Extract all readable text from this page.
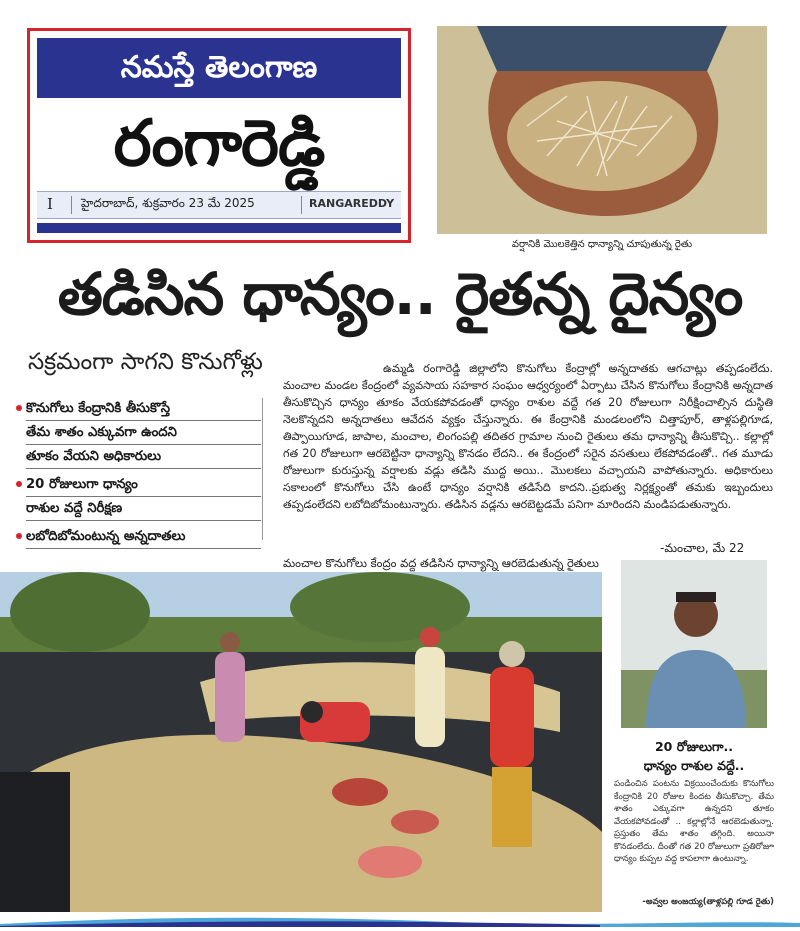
నమస్తే తెలంగాణ
రంగారెడ్డి
I హైదరాబాద్, శుక్రవారం 23 మే 2025	RANGAREDDY
వర్షానికి మొలకెత్తిన ధాన్యాన్ని చూపుతున్న రైతు
తడిసిన ధాన్యం.. రైతన్న దైన్యం
సక్రమంగా సాగని కొనుగోళ్లు
కొనుగోలు కేంద్రానికి తీసుకొస్తే
తేమ శాతం ఎక్కువగా ఉందని
తూకం వేయని అధికారులు
20 రోజులుగా ధాన్యం
రాశుల వద్దే నిరీక్షణ
లబోదిబోమంటున్న అన్నదాతలు

ఉమ్మడి రంగారెడ్డి జిల్లాలోని కొనుగోలు కేంద్రాల్లో అన్నదాతకు ఆగచాట్లు తప్పడంలేదు. మంచాల మండల కేంద్రంలో వ్యవసాయ సహకార సంఘం ఆధ్వర్యంలో ఏర్పాటు చేసిన కొనుగోలు కేంద్రానికి అన్నదాత తీసుకొచ్చిన ధాన్యం తూకం వేయకపోవడంతో ధాన్యం రాశుల వద్దే గత 20 రోజులుగా నిరీక్షించాల్సిన దుస్థితి నెలకొన్నదని అన్నదాతలు ఆవేదన వ్యక్తం చేస్తున్నారు. ఈ కేంద్రానికి మండలంలోని చిత్తాపూర్, తాళ్లపల్లిగూడ, తిప్పాయిగూడ, జాపాల, మంచాల, లింగంపల్లి తదితర గ్రామాల నుంచి రైతులు తమ ధాన్యాన్ని తీసుకొచ్చి.. కల్లాల్లో గత 20 రోజులుగా ఆరబెట్టినా ధాన్యాన్ని కొనడం లేదని.. ఈ కేంద్రంలో సరైన వసతులు లేకపోవడంతో.. గత మూడు రోజులుగా కురుస్తున్న వర్షాలకు వడ్లు తడిసి ముద్ద అయి.. మొలకలు వచ్చాయని వాపోతున్నారు. అధికారులు సకాలంలో కొనుగోలు చేసి ఉంటే ధాన్యం వర్షానికి తడిసేది కాదని..ప్రభుత్వ నిర్లక్ష్యంతో తమకు ఇబ్బందులు తప్పడంలేదని లబోదిబోమంటున్నారు. తడిసిన వడ్లను ఆరబెట్టడమే పనిగా మారిందని మండిపడుతున్నారు.

-మంచాల, మే 22
మంచాల కొనుగోలు కేంద్రం వద్ద తడిసిన ధాన్యాన్ని ఆరబెడుతున్న రైతులు
20 రోజులుగా..
ధాన్యం రాశుల వద్దే..
పండించిన పంటను విక్రయించేందుకు కొనుగోలు కేంద్రానికి 20 రోజుల కిందట తీసుకొచ్చా. తేమ శాతం ఎక్కువగా ఉన్నదని తూకం వేయకపోవడంతో .. కల్లాల్లోనే ఆరబెడుతున్నా. ప్రస్తుతం తేమ శాతం తగ్గింది. అయినా కొనడంలేదు. దీంతో గత 20 రోజులుగా ప్రతిరోజూ ధాన్యం కుప్పల వద్ద కాపలాగా ఉంటున్నా.
-అవ్వల అంజయ్య(తాళ్లపల్లి గూడ రైతు)
